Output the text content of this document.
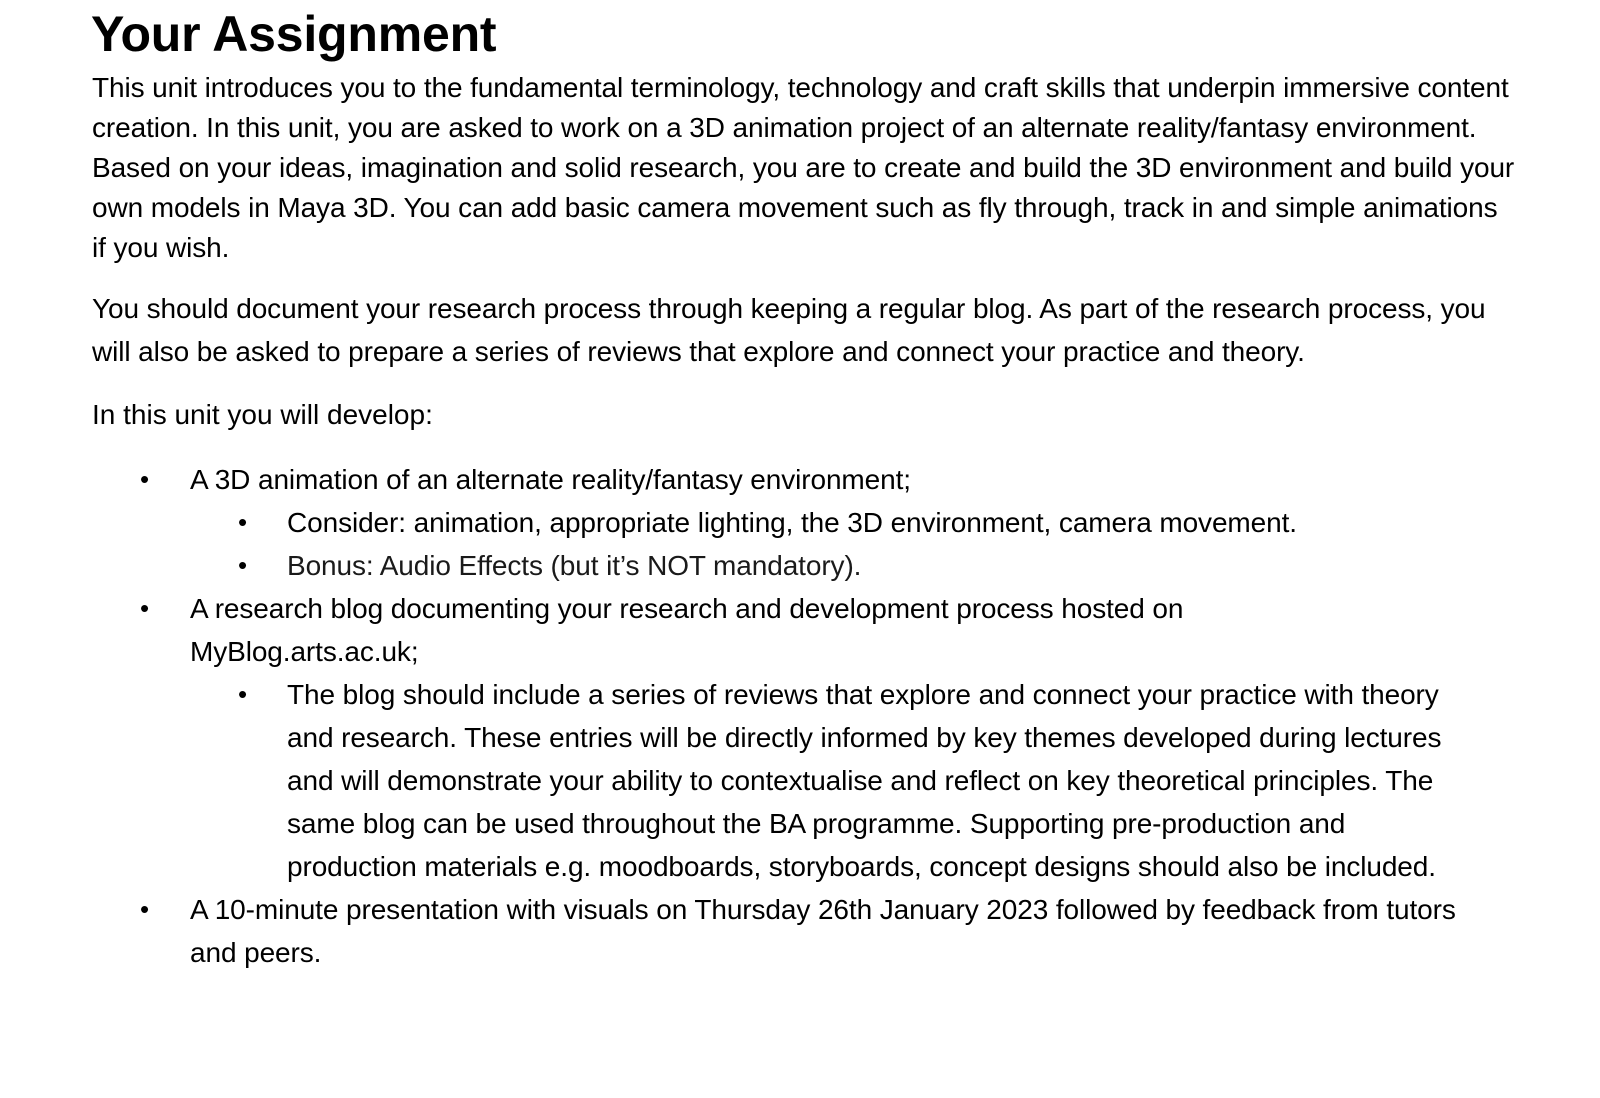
Your Assignment

This unit introduces you to the fundamental terminology, technology and craft skills that underpin immersive content creation. In this unit, you are asked to work on a 3D animation project of an alternate reality/fantasy environment. Based on your ideas, imagination and solid research, you are to create and build the 3D environment and build your own models in Maya 3D. You can add basic camera movement such as fly through, track in and simple animations if you wish.

You should document your research process through keeping a regular blog. As part of the research process, you will also be asked to prepare a series of reviews that explore and connect your practice and theory.

In this unit you will develop:

• A 3D animation of an alternate reality/fantasy environment;
• Consider: animation, appropriate lighting, the 3D environment, camera movement.
• Bonus: Audio Effects (but it’s NOT mandatory).
• A research blog documenting your research and development process hosted on MyBlog.arts.ac.uk;
• The blog should include a series of reviews that explore and connect your practice with theory and research. These entries will be directly informed by key themes developed during lectures and will demonstrate your ability to contextualise and reflect on key theoretical principles. The same blog can be used throughout the BA programme. Supporting pre-production and production materials e.g. moodboards, storyboards, concept designs should also be included.
• A 10-minute presentation with visuals on Thursday 26th January 2023 followed by feedback from tutors and peers.
